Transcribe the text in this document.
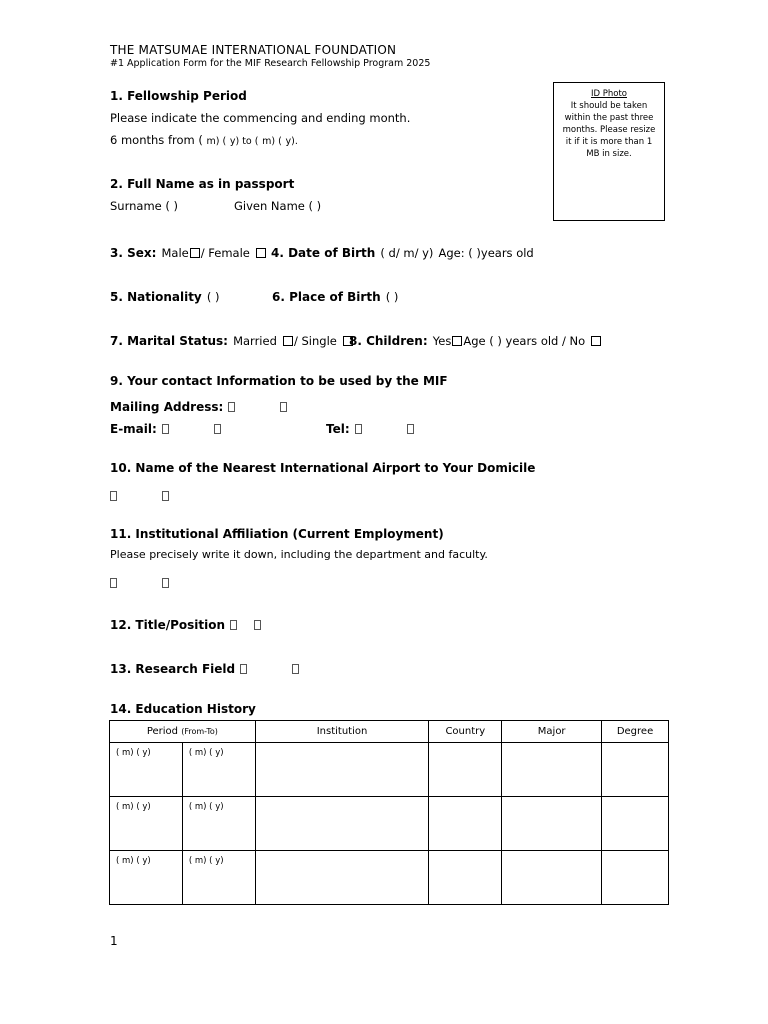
THE MATSUMAE INTERNATIONAL FOUNDATION
#1 Application Form for the MIF Research Fellowship Program 2025
ID Photo
It should be taken within the past three months. Please resize it if it is more than 1 MB in size.
1. Fellowship Period
Please indicate the commencing and ending month.
6 months from ( m) ( y) to ( m) ( y).
2. Full Name as in passport
Surname ( )	Given Name ( )
3. Sex: Male / Female	4. Date of Birth ( d/ m/ y) Age: ( )years old
5. Nationality ( )	6. Place of Birth ( )
7. Marital Status: Married / Single	8. Children: Yes Age ( ) years old / No
9. Your contact Information to be used by the MIF
Mailing Address:
E-mail:	Tel:
10. Name of the Nearest International Airport to Your Domicile

11. Institutional Affiliation (Current Employment)
Please precisely write it down, including the department and faculty.

12. Title/Position
13. Research Field
14. Education History
Period (From-To)		Institution	Country	Major	Degree
( m) ( y)	( m) ( y)				
( m) ( y)	( m) ( y)				
( m) ( y)	( m) ( y)				
1
